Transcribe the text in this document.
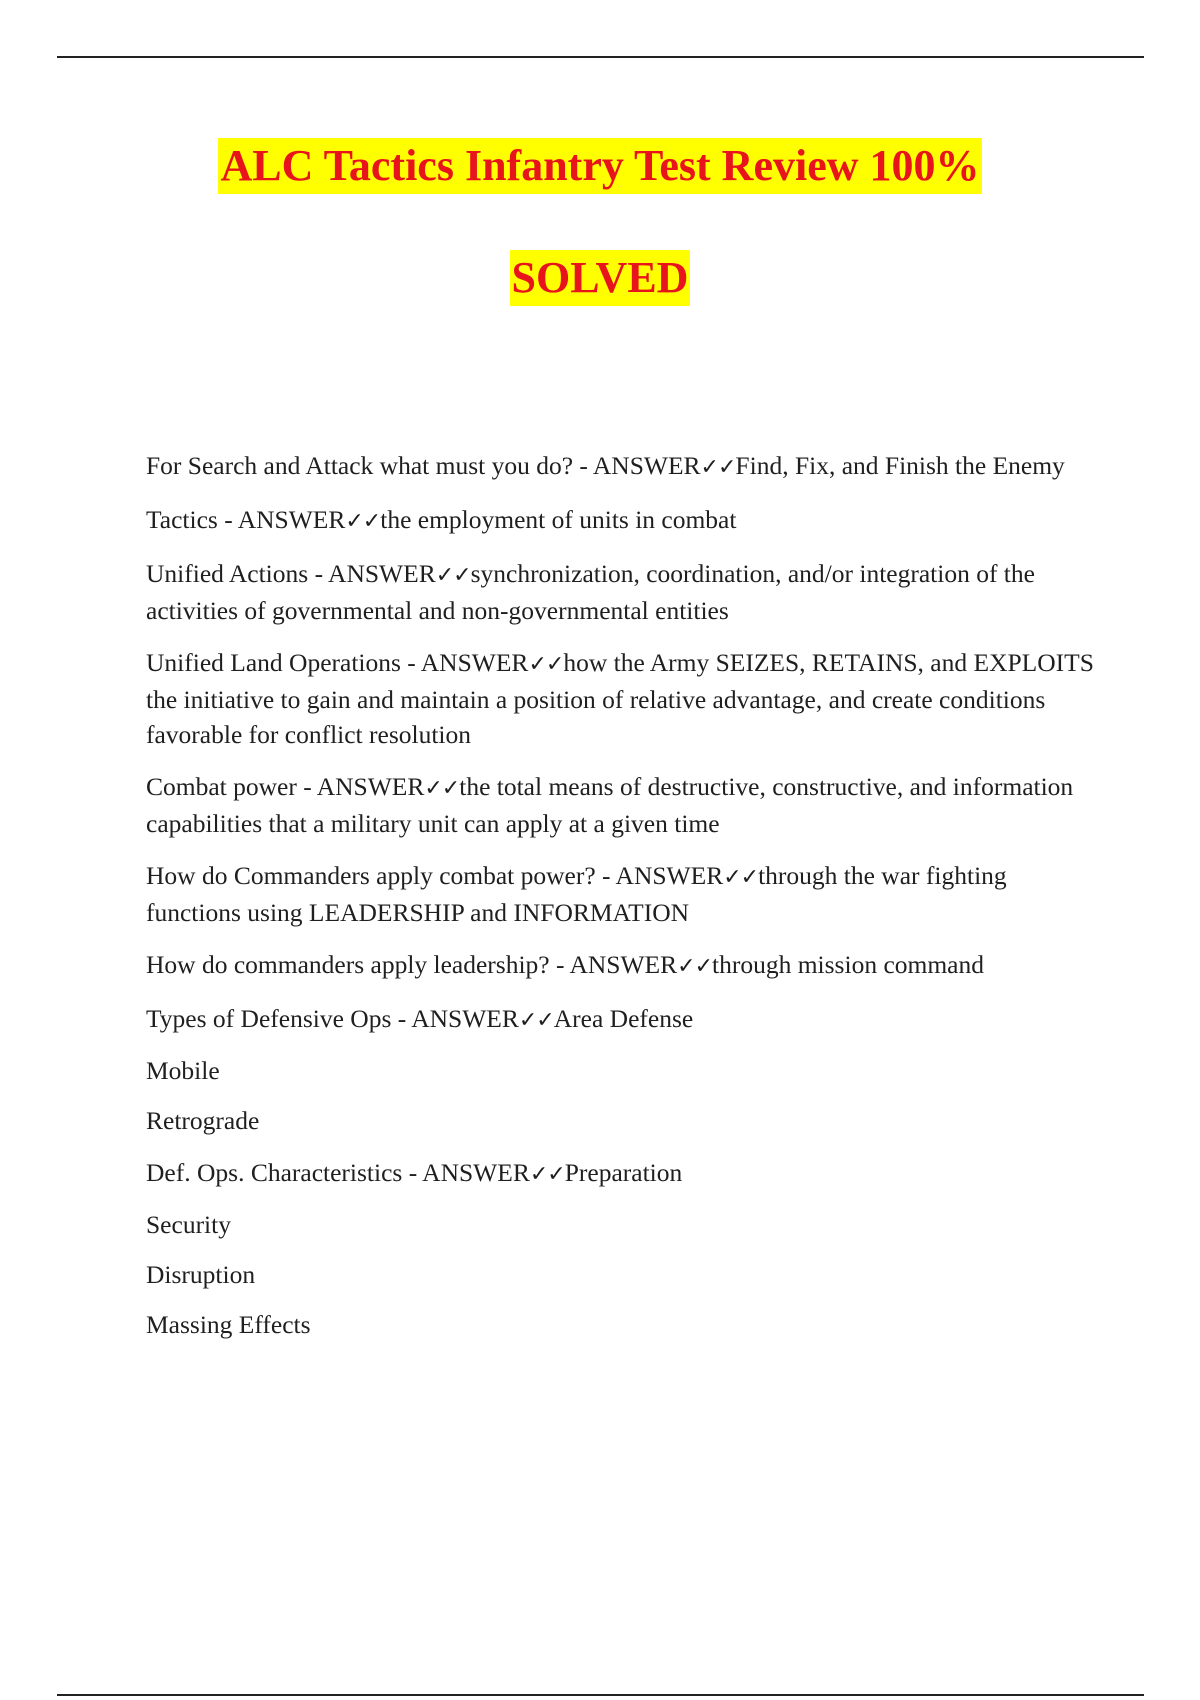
ALC Tactics Infantry Test Review 100%
SOLVED

For Search and Attack what must you do? - ANSWER✓✓Find, Fix, and Finish the Enemy

Tactics - ANSWER✓✓the employment of units in combat

Unified Actions - ANSWER✓✓synchronization, coordination, and/or integration of the activities of governmental and non-governmental entities

Unified Land Operations - ANSWER✓✓how the Army SEIZES, RETAINS, and EXPLOITS the initiative to gain and maintain a position of relative advantage, and create conditions favorable for conflict resolution

Combat power - ANSWER✓✓the total means of destructive, constructive, and information capabilities that a military unit can apply at a given time

How do Commanders apply combat power? - ANSWER✓✓through the war fighting functions using LEADERSHIP and INFORMATION

How do commanders apply leadership? - ANSWER✓✓through mission command

Types of Defensive Ops - ANSWER✓✓Area Defense

Mobile

Retrograde

Def. Ops. Characteristics - ANSWER✓✓Preparation

Security

Disruption

Massing Effects
